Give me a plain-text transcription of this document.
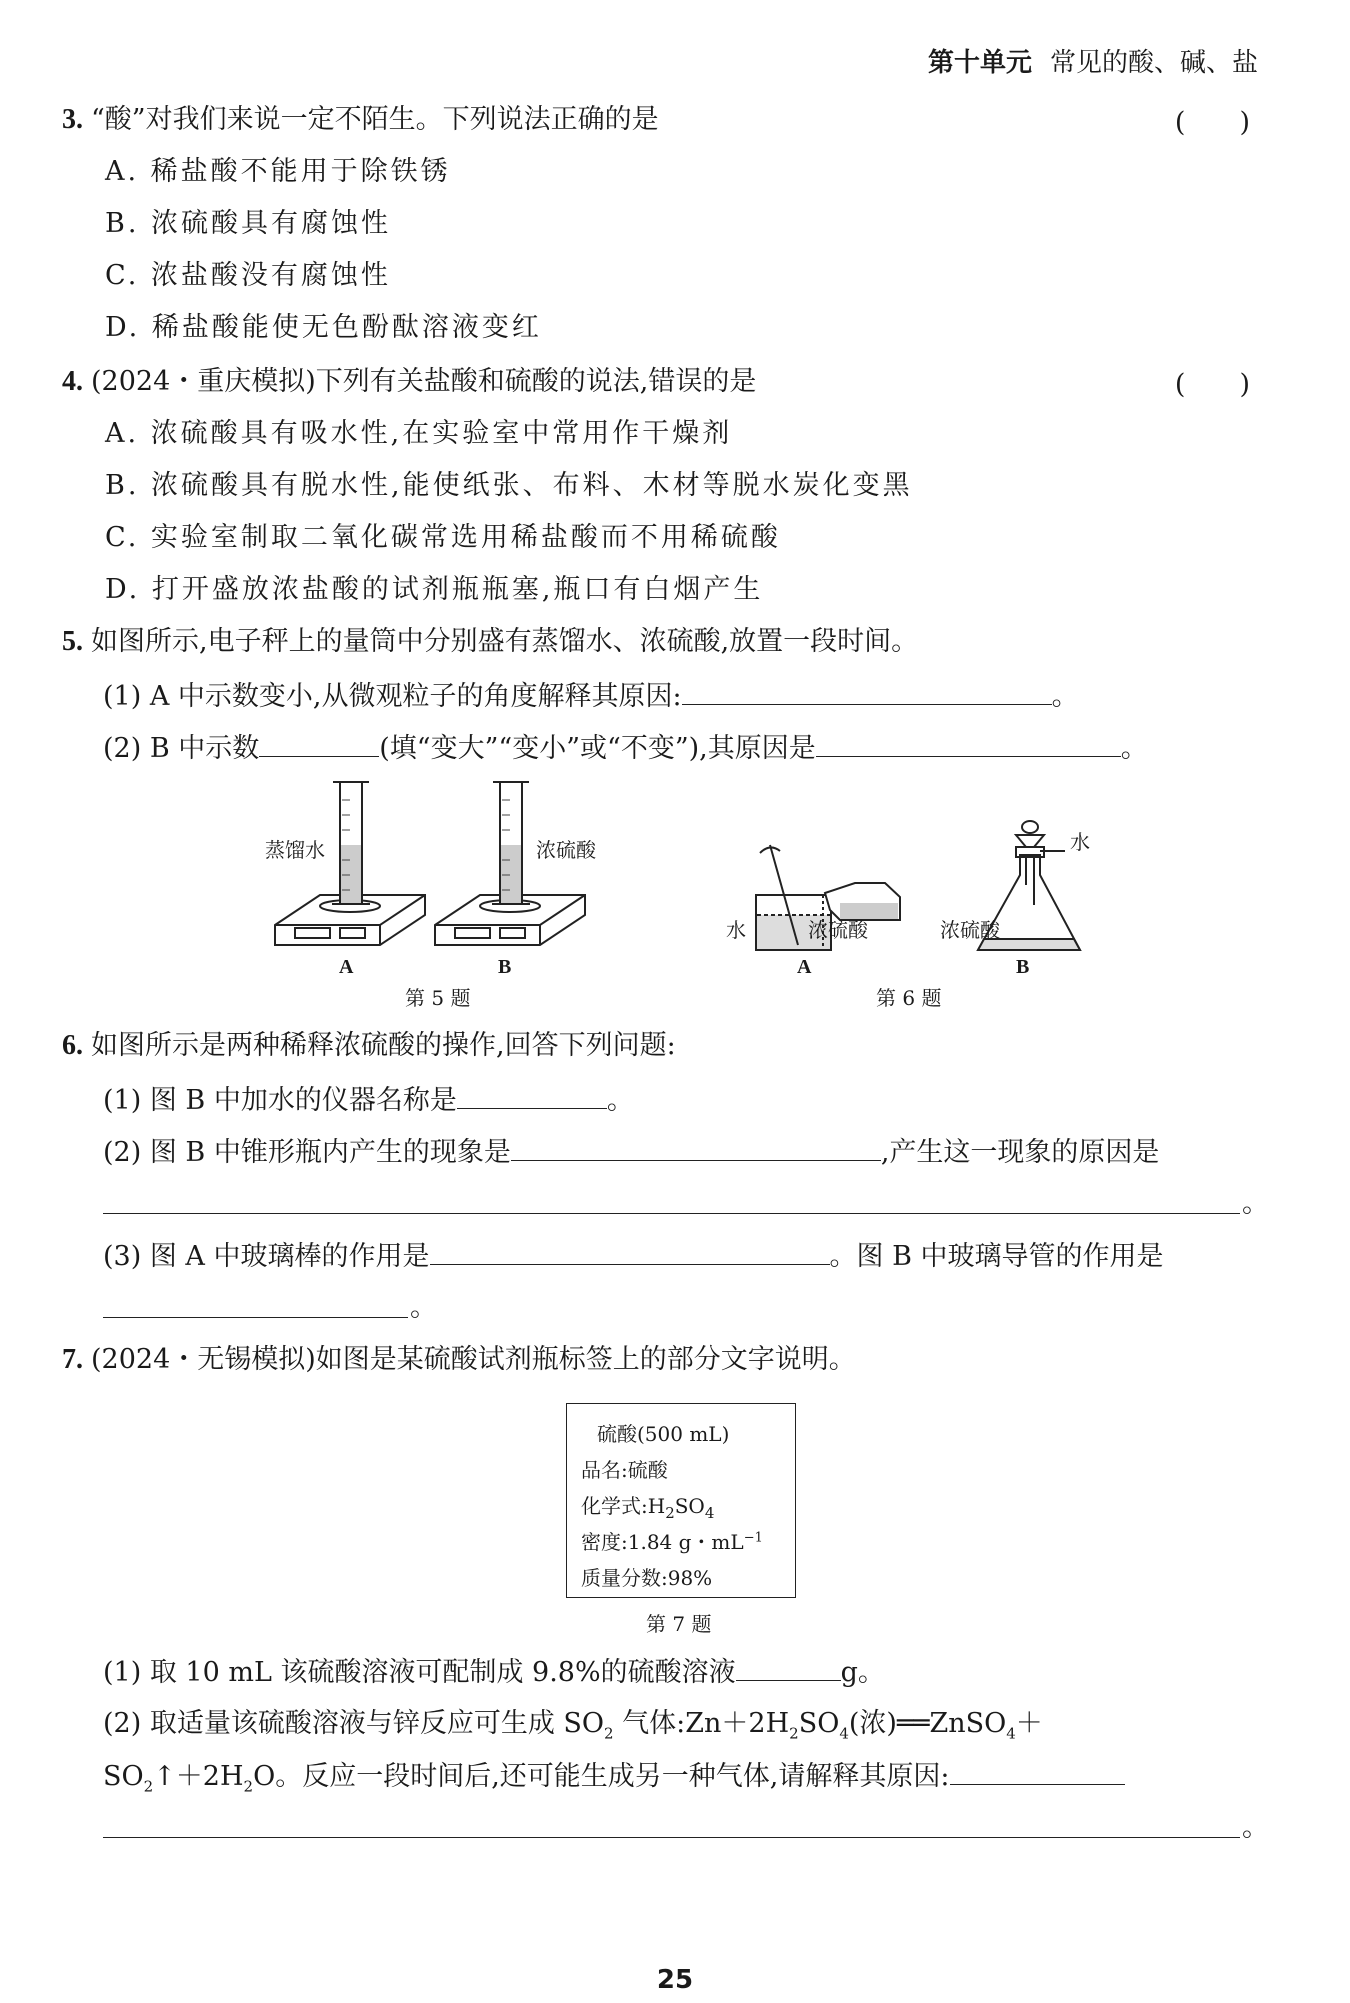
第十单元 常见的酸、碱、盐
3. “酸”对我们来说一定不陌生。下列说法正确的是	(　　)
A. 稀盐酸不能用于除铁锈
B. 浓硫酸具有腐蚀性
C. 浓盐酸没有腐蚀性
D. 稀盐酸能使无色酚酞溶液变红
4. (2024・重庆模拟)下列有关盐酸和硫酸的说法,错误的是	(　　)
A. 浓硫酸具有吸水性,在实验室中常用作干燥剂
B. 浓硫酸具有脱水性,能使纸张、布料、木材等脱水炭化变黑
C. 实验室制取二氧化碳常选用稀盐酸而不用稀硫酸
D. 打开盛放浓盐酸的试剂瓶瓶塞,瓶口有白烟产生
5. 如图所示,电子秤上的量筒中分别盛有蒸馏水、浓硫酸,放置一段时间。
(1) A 中示数变小,从微观粒子的角度解释其原因:	。
(2) B 中示数	(填“变大”“变小”或“不变”),其原因是	。
蒸馏水	浓硫酸
A	B
第 5 题
水	浓硫酸
水
浓硫酸
A	B
第 6 题
6. 如图所示是两种稀释浓硫酸的操作,回答下列问题:
(1) 图 B 中加水的仪器名称是	。
(2) 图 B 中锥形瓶内产生的现象是	,产生这一现象的原因是
。
(3) 图 A 中玻璃棒的作用是	。图 B 中玻璃导管的作用是
。
7. (2024・无锡模拟)如图是某硫酸试剂瓶标签上的部分文字说明。
硫酸(500 mL)
品名:硫酸
化学式$:H_2SO_4$
密度:1.84 g・$mL^{-1}$
质量分数:98%
第 7 题
(1) 取 10 mL 该硫酸溶液可配制成 9.8%的硫酸溶液	g。
(2) 取适量该硫酸溶液与锌反应可生成 $SO_2$ 气体$:Zn+2H_2SO_4$(浓)══ZnSO$_4$＋
$SO_2↑+2H_2O$。反应一段时间后,还可能生成另一种气体,请解释其原因:
。
25
